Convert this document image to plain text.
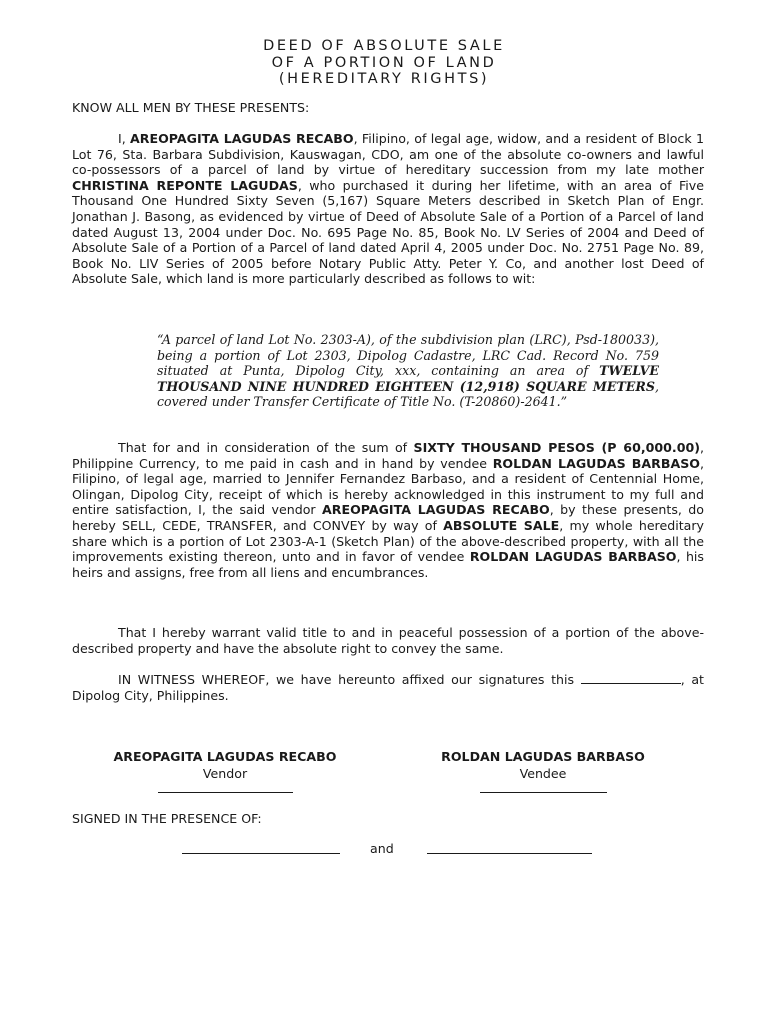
DEED OF ABSOLUTE SALE
OF A PORTION OF LAND
(HEREDITARY RIGHTS)
KNOW ALL MEN BY THESE PRESENTS:
I, AREOPAGITA LAGUDAS RECABO, Filipino, of legal age, widow, and a resident of Block 1 Lot 76, Sta. Barbara Subdivision, Kauswagan, CDO, am one of the absolute co-owners and lawful co-possessors of a parcel of land by virtue of hereditary succession from my late mother CHRISTINA REPONTE LAGUDAS, who purchased it during her lifetime, with an area of Five Thousand One Hundred Sixty Seven (5,167) Square Meters described in Sketch Plan of Engr. Jonathan J. Basong, as evidenced by virtue of Deed of Absolute Sale of a Portion of a Parcel of land dated August 13, 2004 under Doc. No. 695 Page No. 85, Book No. LV Series of 2004 and Deed of Absolute Sale of a Portion of a Parcel of land dated April 4, 2005 under Doc. No. 2751 Page No. 89, Book No. LIV Series of 2005 before Notary Public Atty. Peter Y. Co, and another lost Deed of Absolute Sale, which land is more particularly described as follows to wit:
“A parcel of land Lot No. 2303-A), of the subdivision plan (LRC), Psd-180033), being a portion of Lot 2303, Dipolog Cadastre, LRC Cad. Record No. 759 situated at Punta, Dipolog City, xxx, containing an area of TWELVE THOUSAND NINE HUNDRED EIGHTEEN (12,918) SQUARE METERS, covered under Transfer Certificate of Title No. (T-20860)-2641.”
That for and in consideration of the sum of SIXTY THOUSAND PESOS (P 60,000.00), Philippine Currency, to me paid in cash and in hand by vendee ROLDAN LAGUDAS BARBASO, Filipino, of legal age, married to Jennifer Fernandez Barbaso, and a resident of Centennial Home, Olingan, Dipolog City, receipt of which is hereby acknowledged in this instrument to my full and entire satisfaction, I, the said vendor AREOPAGITA LAGUDAS RECABO, by these presents, do hereby SELL, CEDE, TRANSFER, and CONVEY by way of ABSOLUTE SALE, my whole hereditary share which is a portion of Lot 2303-A-1 (Sketch Plan) of the above-described property, with all the improvements existing thereon, unto and in favor of vendee ROLDAN LAGUDAS BARBASO, his heirs and assigns, free from all liens and encumbrances.
That I hereby warrant valid title to and in peaceful possession of a portion of the above-described property and have the absolute right to convey the same.
IN WITNESS WHEREOF, we have hereunto affixed our signatures this	, at Dipolog City, Philippines.
AREOPAGITA LAGUDAS RECABO
Vendor
ROLDAN LAGUDAS BARBASO
Vendee
SIGNED IN THE PRESENCE OF:
and
